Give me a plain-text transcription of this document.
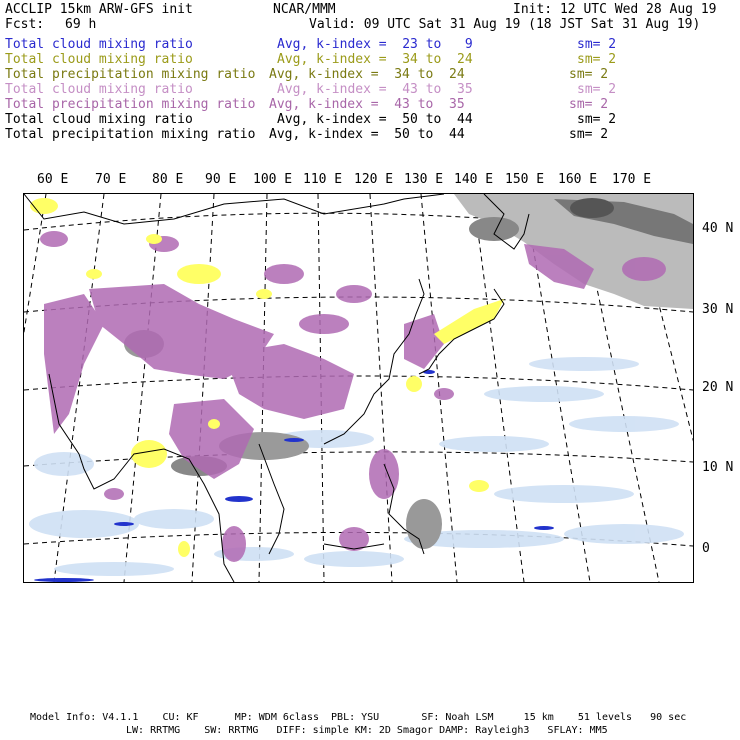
ACCLIP 15km ARW-GFS init	NCAR/MMM	Init: 12 UTC Wed 28 Aug 19
Fcst: 69 h	Valid: 09 UTC Sat 31 Aug 19 (18 JST Sat 31 Aug 19)
Total cloud mixing ratio	Avg, k-index =  23 to   9	sm= 2
Total cloud mixing ratio	Avg, k-index =  34 to  24	sm= 2
Total precipitation mixing ratio Avg, k-index =  34 to  24	sm= 2
Total cloud mixing ratio	Avg, k-index =  43 to  35	sm= 2
Total precipitation mixing ratio Avg, k-index =  43 to  35	sm= 2
Total cloud mixing ratio	Avg, k-index =  50 to  44	sm= 2
Total precipitation mixing ratio Avg, k-index =  50 to  44	sm= 2
60 E 70 E 80 E 90 E 100 E 110 E 120 E 130 E 140 E 150 E 160 E 170 E
40 N
30 N
20 N
10 N
0
Model Info: V4.1.1    CU: KF      MP: WDM 6class  PBL: YSU       SF: Noah LSM     15 km    51 levels   90 sec
LW: RRTMG    SW: RRTMG   DIFF: simple KM: 2D Smagor DAMP: Rayleigh3   SFLAY: MM5
